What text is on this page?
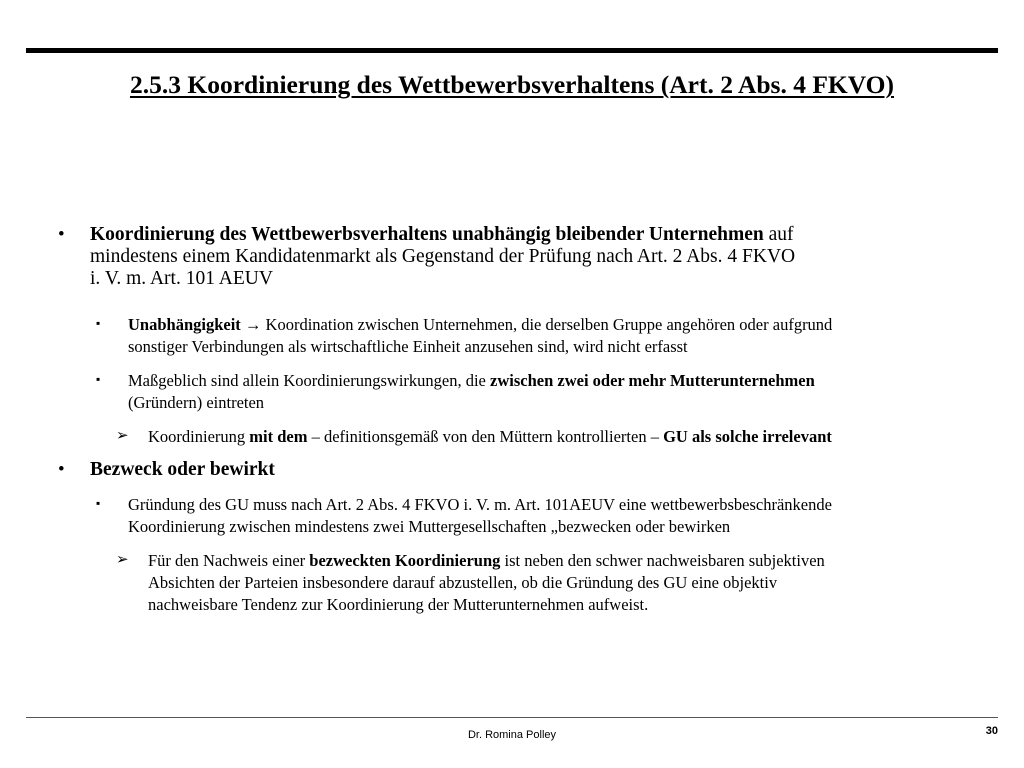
2.5.3 Koordinierung des Wettbewerbsverhaltens (Art. 2 Abs. 4 FKVO)
• Koordinierung des Wettbewerbsverhaltens unabhängig bleibender Unternehmen auf
mindestens einem Kandidatenmarkt als Gegenstand der Prüfung nach Art. 2 Abs. 4 FKVO
i. V. m. Art. 101 AEUV
▪ Unabhängigkeit → Koordination zwischen Unternehmen, die derselben Gruppe angehören oder aufgrund
sonstiger Verbindungen als wirtschaftliche Einheit anzusehen sind, wird nicht erfasst
▪ Maßgeblich sind allein Koordinierungswirkungen, die zwischen zwei oder mehr Mutterunternehmen
(Gründern) eintreten
➢ Koordinierung mit dem – definitionsgemäß von den Müttern kontrollierten – GU als solche irrelevant
• Bezweck oder bewirkt
▪ Gründung des GU muss nach Art. 2 Abs. 4 FKVO i. V. m. Art. 101AEUV eine wettbewerbsbeschränkende
Koordinierung zwischen mindestens zwei Muttergesellschaften „bezwecken oder bewirken
➢ Für den Nachweis einer bezweckten Koordinierung ist neben den schwer nachweisbaren subjektiven
Absichten der Parteien insbesondere darauf abzustellen, ob die Gründung des GU eine objektiv
nachweisbare Tendenz zur Koordinierung der Mutterunternehmen aufweist.
Dr. Romina Polley	30
